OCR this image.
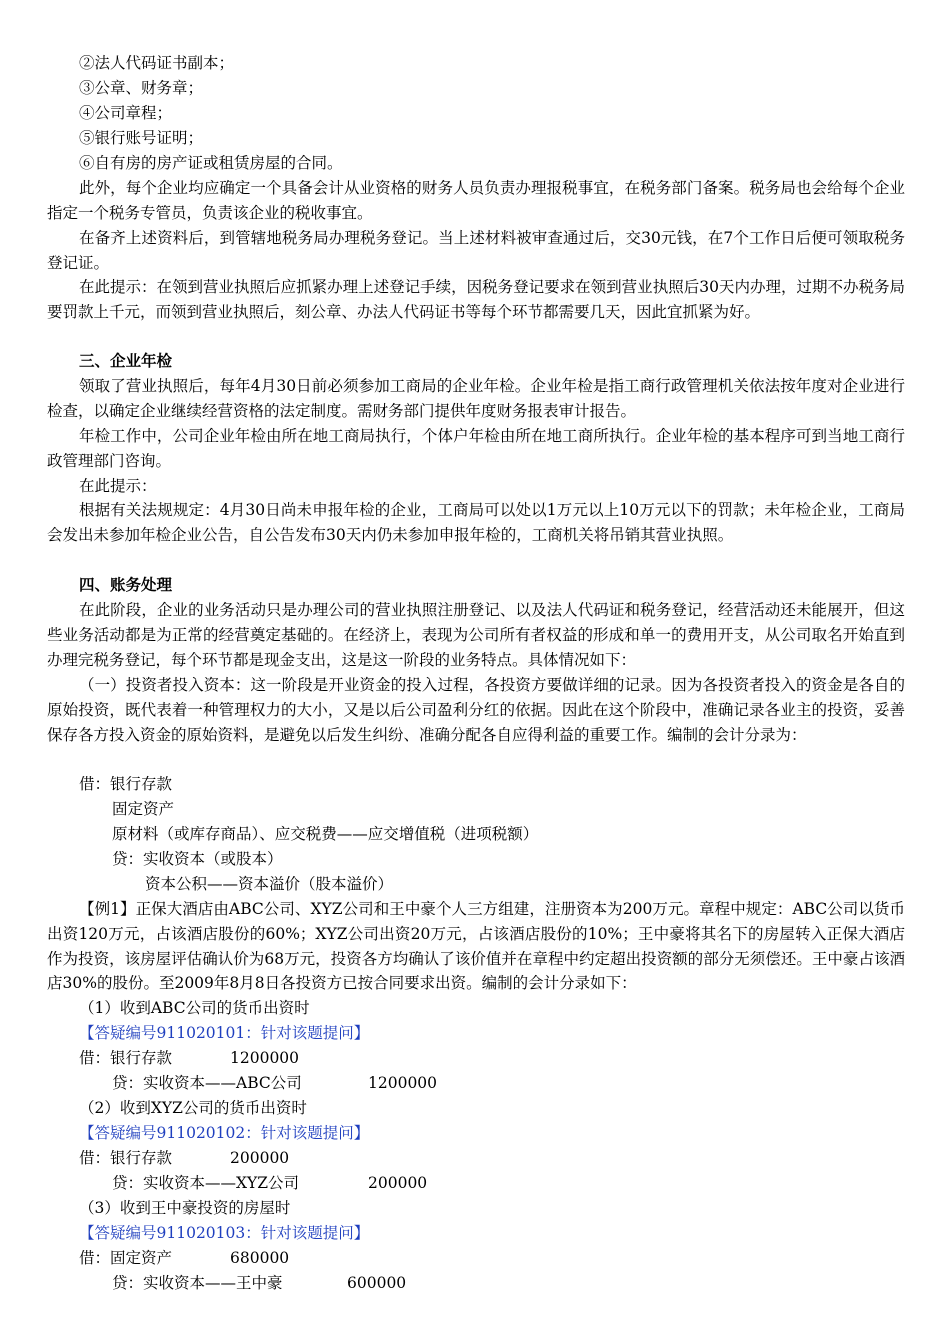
②法人代码证书副本；

③公章、财务章；

④公司章程；

⑤银行账号证明；

⑥自有房的房产证或租赁房屋的合同。

此外，每个企业均应确定一个具备会计从业资格的财务人员负责办理报税事宜，在税务部门备案。税务局也会给每个企业指定一个税务专管员，负责该企业的税收事宜。

在备齐上述资料后，到管辖地税务局办理税务登记。当上述材料被审查通过后，交30元钱，在7个工作日后便可领取税务登记证。

在此提示：在领到营业执照后应抓紧办理上述登记手续，因税务登记要求在领到营业执照后30天内办理，过期不办税务局要罚款上千元，而领到营业执照后，刻公章、办法人代码证书等每个环节都需要几天，因此宜抓紧为好。

三、企业年检

领取了营业执照后，每年4月30日前必须参加工商局的企业年检。企业年检是指工商行政管理机关依法按年度对企业进行检查，以确定企业继续经营资格的法定制度。需财务部门提供年度财务报表审计报告。

年检工作中，公司企业年检由所在地工商局执行，个体户年检由所在地工商所执行。企业年检的基本程序可到当地工商行政管理部门咨询。

在此提示：

根据有关法规规定：4月30日尚未申报年检的企业，工商局可以处以1万元以上10万元以下的罚款；未年检企业，工商局会发出未参加年检企业公告，自公告发布30天内仍未参加申报年检的，工商机关将吊销其营业执照。

四、账务处理

在此阶段，企业的业务活动只是办理公司的营业执照注册登记、以及法人代码证和税务登记，经营活动还未能展开，但这些业务活动都是为正常的经营奠定基础的。在经济上，表现为公司所有者权益的形成和单一的费用开支，从公司取名开始直到办理完税务登记，每个环节都是现金支出，这是这一阶段的业务特点。具体情况如下：

（一）投资者投入资本：这一阶段是开业资金的投入过程，各投资方要做详细的记录。因为各投资者投入的资金是各自的原始投资，既代表着一种管理权力的大小，又是以后公司盈利分红的依据。因此在这个阶段中，准确记录各业主的投资，妥善保存各方投入资金的原始资料，是避免以后发生纠纷、准确分配各自应得利益的重要工作。编制的会计分录为：

借：银行存款

固定资产

原材料（或库存商品）、应交税费——应交增值税（进项税额）

贷：实收资本（或股本）

资本公积——资本溢价（股本溢价）

【例1】正保大酒店由ABC公司、XYZ公司和王中豪个人三方组建，注册资本为200万元。章程中规定：ABC公司以货币出资120万元，占该酒店股份的60%；XYZ公司出资20万元，占该酒店股份的10%；王中豪将其名下的房屋转入正保大酒店作为投资，该房屋评估确认价为68万元，投资各方均确认了该价值并在章程中约定超出投资额的部分无须偿还。王中豪占该酒店30%的股份。至2009年8月8日各投资方已按合同要求出资。编制的会计分录如下：

（1）收到ABC公司的货币出资时

【答疑编号911020101：针对该题提问】

借：银行存款	1200000

贷：实收资本——ABC公司	1200000

（2）收到XYZ公司的货币出资时

【答疑编号911020102：针对该题提问】

借：银行存款	200000

贷：实收资本——XYZ公司	200000

（3）收到王中豪投资的房屋时

【答疑编号911020103：针对该题提问】

借：固定资产	680000

贷：实收资本——王中豪	600000
